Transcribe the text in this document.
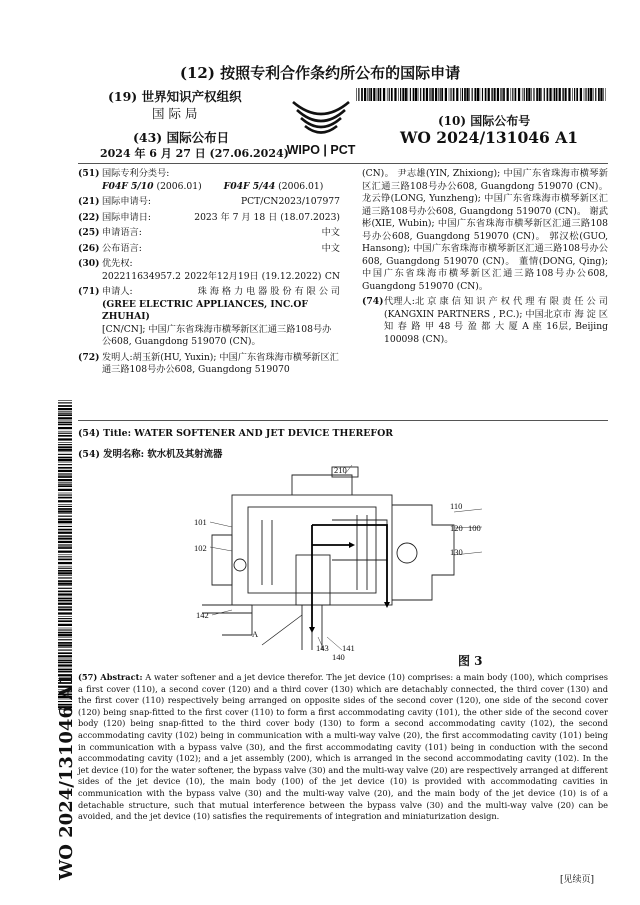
(12) 按照专利合作条约所公布的国际申请
(19) 世界知识产权组织
国 际 局
(43) 国际公布日
2024 年 6 月 27 日 (27.06.2024)
WIPO | PCT
(10) 国际公布号
WO 2024/131046 A1
(51) 国际专利分类号:
F04F 5/10 (2006.01) F04F 5/44 (2006.01)
(21) 国际申请号:	PCT/CN2023/107977
(22) 国际申请日:	2023 年 7 月 18 日 (18.07.2023)
(25) 申请语言:	中文
(26) 公布语言:	中文
(30) 优先权:
202211634957.2 2022年12月19日 (19.12.2022) CN
(71) 申请人:	珠 海 格 力 电 器 股 份 有 限 公 司
(GREE ELECTRIC APPLIANCES, INC.OF ZHUHAI)
[CN/CN]; 中国广东省珠海市横琴新区汇通三路108号办公608, Guangdong 519070 (CN)。
(72) 发明人:胡玉新(HU, Yuxin); 中国广东省珠海市横琴新区汇通三路108号办公608, Guangdong 519070
(CN)。 尹志雄(YIN, Zhixiong); 中国广东省珠海市横琴新区汇通三路108号办公608, Guangdong 519070 (CN)。 龙云铮(LONG, Yunzheng); 中国广东省珠海市横琴新区汇通三路108号办公608, Guangdong 519070 (CN)。 谢武彬(XIE, Wubin); 中国广东省珠海市横琴新区汇通三路108号办公608, Guangdong 519070 (CN)。 郭汉松(GUO, Hansong); 中国广东省珠海市横琴新区汇通三路108号办公608, Guangdong 519070 (CN)。 董情(DONG, Qing); 中国广东省珠海市横琴新区汇通三路108号办公608, Guangdong 519070 (CN)。
(74) 代理人:北 京 康 信 知 识 产 权 代 理 有 限 责 任 公 司 (KANGXIN PARTNERS , P.C.); 中国北京市 海 淀 区 知 春 路 甲 48 号 盈 都 大 厦 A 座 16层, Beijing 100098 (CN)。
(54) Title: WATER SOFTENER AND JET DEVICE THEREFOR
(54) 发明名称: 软水机及其射流器
210
101
102
110
120 100
130
142
A
143 141
140	图 3
(57) Abstract: A water softener and a jet device therefor. The jet device (10) comprises: a main body (100), which comprises a first cover (110), a second cover (120) and a third cover (130) which are detachably connected, the third cover (130) and the first cover (110) respectively being arranged on opposite sides of the second cover (120), one side of the second cover (120) being snap-fitted to the first cover (110) to form a first accommodating cavity (101), the other side of the second cover body (120) being snap-fitted to the third cover body (130) to form a second accommodating cavity (102), the second accommodating cavity (102) being in communication with a multi-way valve (20), the first accommodating cavity (101) being in communication with a bypass valve (30), and the first accommodating cavity (101) being in conduction with the second accommodating cavity (102); and a jet assembly (200), which is arranged in the second accommodating cavity (102). In the jet device (10) for the water softener, the bypass valve (30) and the multi-way valve (20) are respectively arranged at different sides of the jet device (10), the main body (100) of the jet device (10) is provided with accommodating cavities in communication with the bypass valve (30) and the multi-way valve (20), and the main body of the jet device (10) is of a detachable structure, such that mutual interference between the bypass valve (30) and the multi-way valve (20) can be avoided, and the jet device (10) satisfies the requirements of integration and miniaturization design.
[见续页]
WO 2024/131046 A1
